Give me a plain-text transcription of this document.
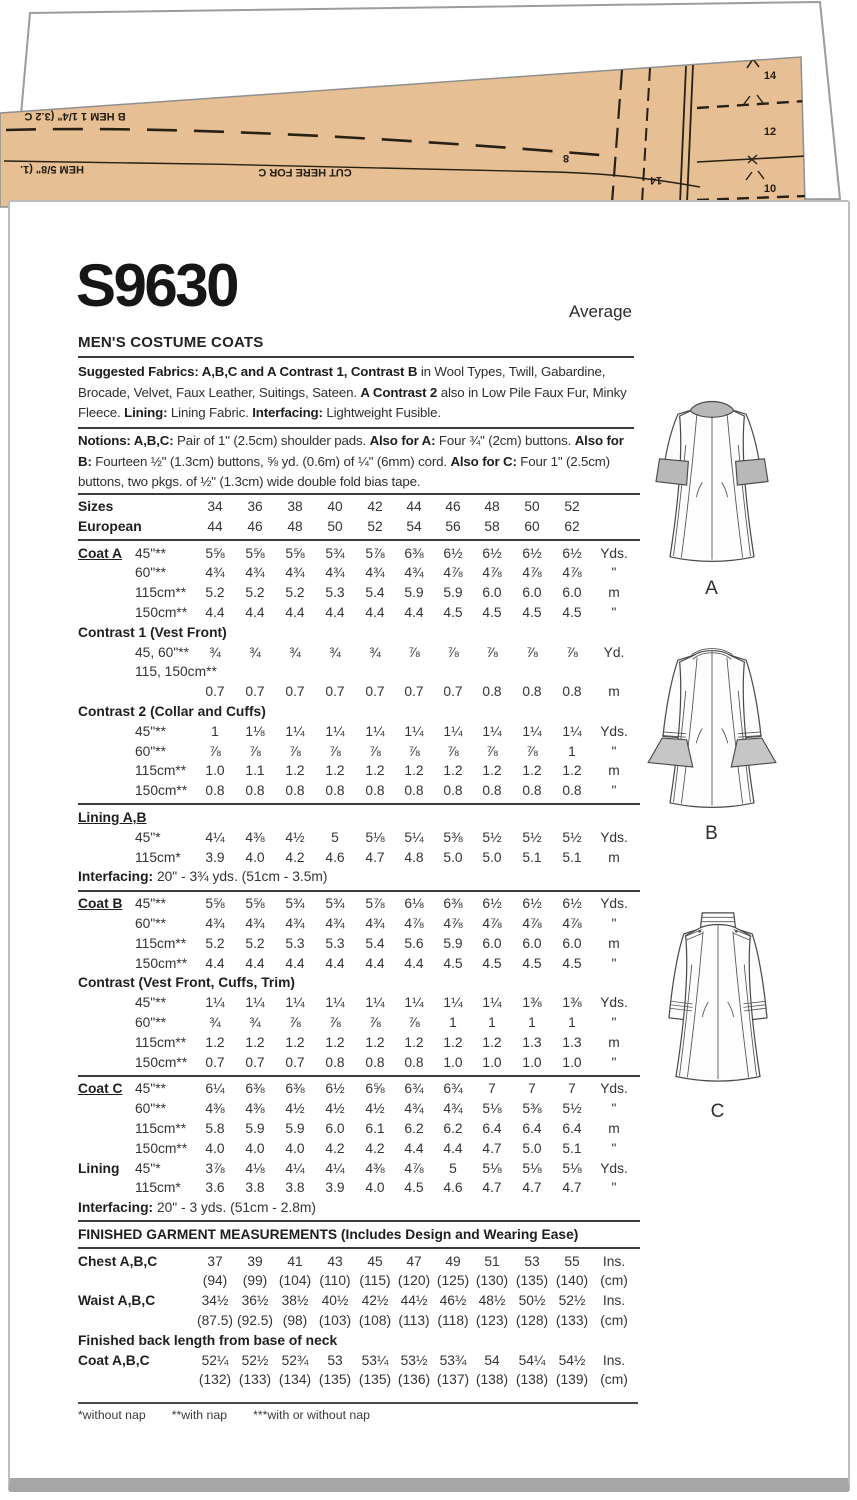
B HEM 1 1/4" (3.2 C
HEM 5/8" (1.	CUT HERE FOR C
8
14
14
12
10
S9630	Average
MEN'S COSTUME COATS
Suggested Fabrics: A,B,C and A Contrast 1, Contrast B in Wool Types, Twill, Gabardine, Brocade, Velvet, Faux Leather, Suitings, Sateen. A Contrast 2 also in Low Pile Faux Fur, Minky Fleece. Lining: Lining Fabric. Interfacing: Lightweight Fusible.
Notions: A,B,C: Pair of 1" (2.5cm) shoulder pads. Also for A: Four ¾" (2cm) buttons. Also for B: Fourteen ½" (1.3cm) buttons, ⅝ yd. (0.6m) of ¼" (6mm) cord. Also for C: Four 1" (2.5cm) buttons, two pkgs. of ½" (1.3cm) wide double fold bias tape.
Sizes	34	36	38	40	42	44	46	48	50	52
European	44	46	48	50	52	54	56	58	60	62
Coat A 45"**	5⅝	5⅝	5⅝	5¾	5⅞	6⅜	6½	6½	6½	6½	Yds.
60"**	4¾	4¾	4¾	4¾	4¾	4¾	4⅞	4⅞	4⅞	4⅞	"
115cm**	5.2	5.2	5.2	5.3	5.4	5.9	5.9	6.0	6.0	6.0	m
150cm**	4.4	4.4	4.4	4.4	4.4	4.4	4.5	4.5	4.5	4.5	"
Contrast 1 (Vest Front)
45, 60"**	¾	¾	¾	¾	¾	⅞	⅞	⅞	⅞	⅞	Yd.
115, 150cm**
0.7	0.7	0.7	0.7	0.7	0.7	0.7	0.8	0.8	0.8	m
Contrast 2 (Collar and Cuffs)
45"**	1	1⅛	1¼	1¼	1¼	1¼	1¼	1¼	1¼	1¼	Yds.
60"**	⅞	⅞	⅞	⅞	⅞	⅞	⅞	⅞	⅞	1	"
115cm**	1.0	1.1	1.2	1.2	1.2	1.2	1.2	1.2	1.2	1.2	m
150cm**	0.8	0.8	0.8	0.8	0.8	0.8	0.8	0.8	0.8	0.8	"
Lining A,B
45"*	4¼	4⅜	4½	5	5⅛	5¼	5⅜	5½	5½	5½	Yds.
115cm*	3.9	4.0	4.2	4.6	4.7	4.8	5.0	5.0	5.1	5.1	m
Interfacing: 20" - 3¾ yds. (51cm - 3.5m)
Coat B 45"**	5⅝	5⅝	5¾	5¾	5⅞	6⅛	6⅜	6½	6½	6½	Yds.
60"**	4¾	4¾	4¾	4¾	4¾	4⅞	4⅞	4⅞	4⅞	4⅞	"
115cm**	5.2	5.2	5.3	5.3	5.4	5.6	5.9	6.0	6.0	6.0	m
150cm**	4.4	4.4	4.4	4.4	4.4	4.4	4.5	4.5	4.5	4.5	"
Contrast (Vest Front, Cuffs, Trim)
45"**	1¼	1¼	1¼	1¼	1¼	1¼	1¼	1¼	1⅜	1⅜	Yds.
60"**	¾	¾	⅞	⅞	⅞	⅞	1	1	1	1	"
115cm**	1.2	1.2	1.2	1.2	1.2	1.2	1.2	1.2	1.3	1.3	m
150cm**	0.7	0.7	0.7	0.8	0.8	0.8	1.0	1.0	1.0	1.0	"
Coat C 45"**	6¼	6⅜	6⅜	6½	6⅝	6¾	6¾	7	7	7	Yds.
60"**	4⅜	4⅜	4½	4½	4½	4¾	4¾	5⅛	5⅜	5½	"
115cm**	5.8	5.9	5.9	6.0	6.1	6.2	6.2	6.4	6.4	6.4	m
150cm**	4.0	4.0	4.0	4.2	4.2	4.4	4.4	4.7	5.0	5.1	"
Lining 45"*	3⅞	4⅛	4¼	4¼	4⅜	4⅞	5	5⅛	5⅛	5⅛	Yds.
115cm*	3.6	3.8	3.8	3.9	4.0	4.5	4.6	4.7	4.7	4.7	"
Interfacing: 20" - 3 yds. (51cm - 2.8m)
FINISHED GARMENT MEASUREMENTS (Includes Design and Wearing Ease)
Chest A,B,C	37	39	41	43	45	47	49	51	53	55	Ins.
(94)	(99) (104) (110) (115) (120) (125) (130) (135) (140) (cm)
Waist A,B,C	34½ 36½ 38½ 40½ 42½ 44½ 46½ 48½ 50½ 52½	Ins.
(87.5) (92.5) (98) (103) (108) (113) (118) (123) (128) (133) (cm)
Finished back length from base of neck
Coat A,B,C	52¼ 52½ 52¾	53	53¼ 53½ 53¾	54	54¼ 54½	Ins.
(132) (133) (134) (135) (135) (136) (137) (138) (138) (139) (cm)
A
B
C
*without nap **with nap ***with or without nap
